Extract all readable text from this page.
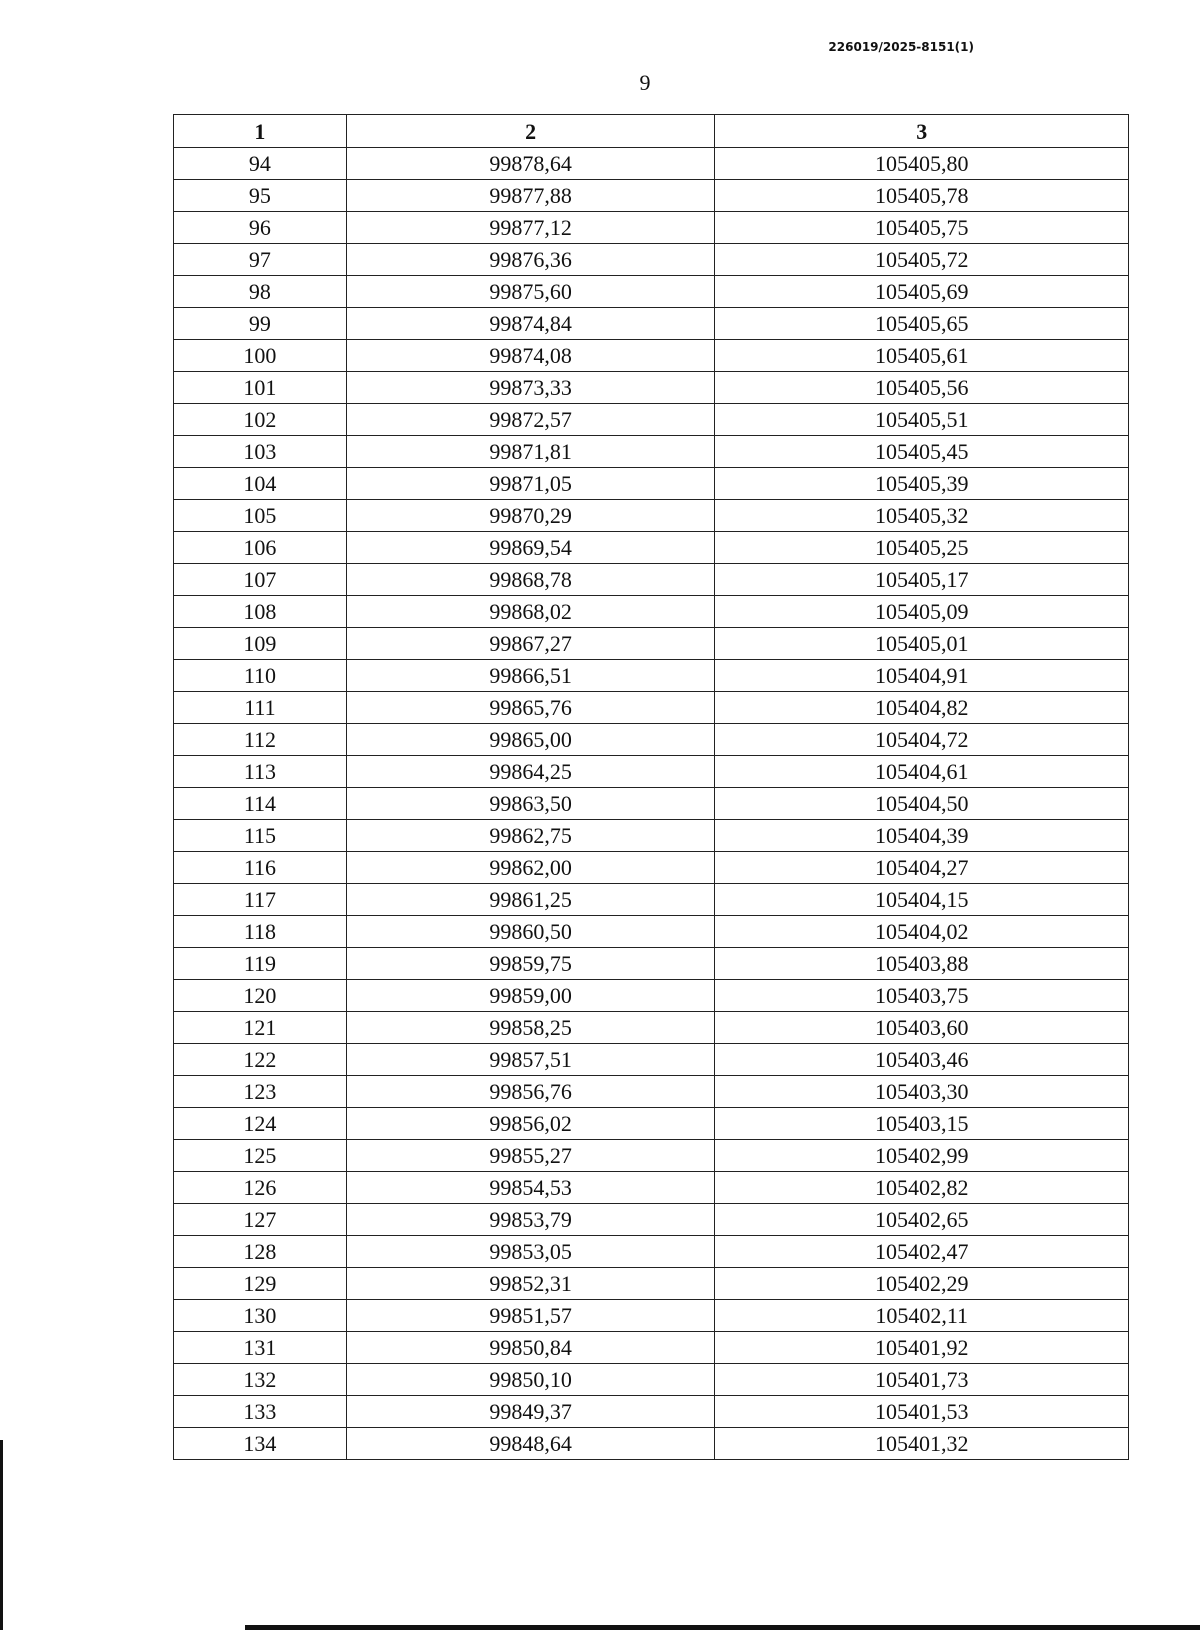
226019/2025-8151(1)
9
1	2	3
94	99878,64	105405,80
95	99877,88	105405,78
96	99877,12	105405,75
97	99876,36	105405,72
98	99875,60	105405,69
99	99874,84	105405,65
100	99874,08	105405,61
101	99873,33	105405,56
102	99872,57	105405,51
103	99871,81	105405,45
104	99871,05	105405,39
105	99870,29	105405,32
106	99869,54	105405,25
107	99868,78	105405,17
108	99868,02	105405,09
109	99867,27	105405,01
110	99866,51	105404,91
111	99865,76	105404,82
112	99865,00	105404,72
113	99864,25	105404,61
114	99863,50	105404,50
115	99862,75	105404,39
116	99862,00	105404,27
117	99861,25	105404,15
118	99860,50	105404,02
119	99859,75	105403,88
120	99859,00	105403,75
121	99858,25	105403,60
122	99857,51	105403,46
123	99856,76	105403,30
124	99856,02	105403,15
125	99855,27	105402,99
126	99854,53	105402,82
127	99853,79	105402,65
128	99853,05	105402,47
129	99852,31	105402,29
130	99851,57	105402,11
131	99850,84	105401,92
132	99850,10	105401,73
133	99849,37	105401,53
134	99848,64	105401,32
